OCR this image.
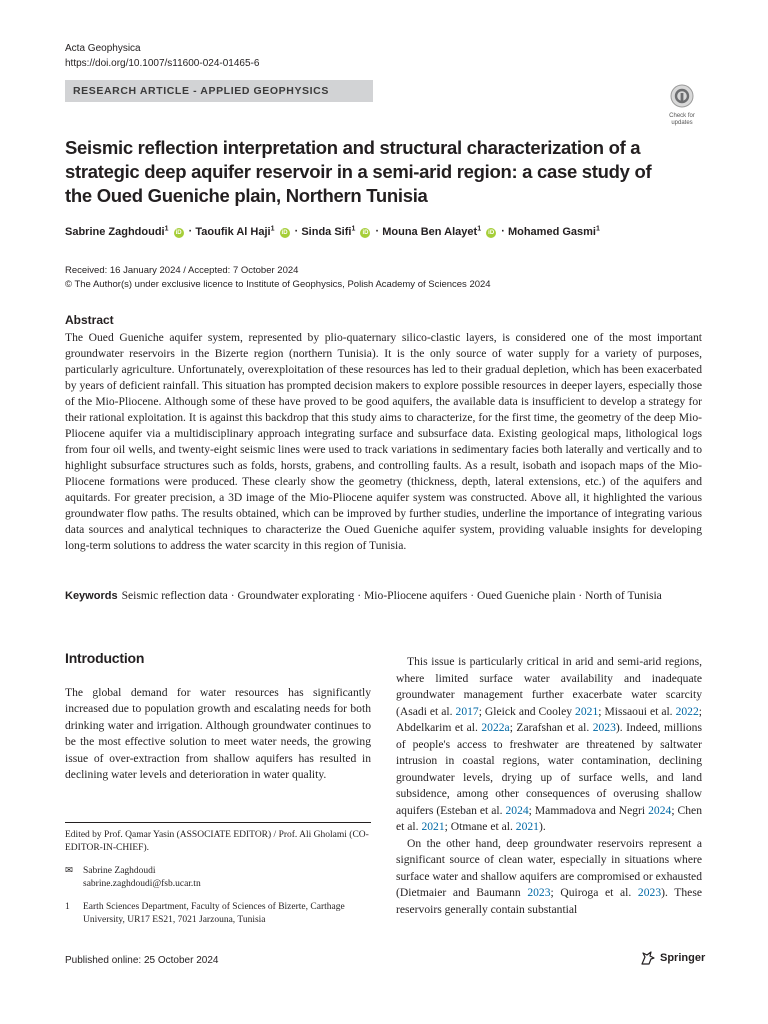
Acta Geophysica
https://doi.org/10.1007/s11600-024-01465-6
RESEARCH ARTICLE - APPLIED GEOPHYSICS
Check for
updates
Seismic reflection interpretation and structural characterization of a strategic deep aquifer reservoir in a semi-arid region: a case study of the Oued Gueniche plain, Northern Tunisia
Sabrine Zaghdoudi$^1$ iD · Taoufik Al Haji$^1$ iD · Sinda Sifi$^1$ iD · Mouna Ben Alayet$^1$ iD · Mohamed Gasmi$^1$
Received: 16 January 2024 / Accepted: 7 October 2024
© The Author(s) under exclusive licence to Institute of Geophysics, Polish Academy of Sciences 2024
Abstract

The Oued Gueniche aquifer system, represented by plio-quaternary silico-clastic layers, is considered one of the most important groundwater reservoirs in the Bizerte region (northern Tunisia). It is the only source of water supply for a variety of purposes, particularly agriculture. Unfortunately, overexploitation of these resources has led to their gradual depletion, which has been exacerbated by years of deficient rainfall. This situation has prompted decision makers to explore possible resources in deeper layers, especially those of the Mio-Pliocene. Although some of these have proved to be good aquifers, the available data is insufficient to develop a strategy for their rational exploitation. It is against this backdrop that this study aims to characterize, for the first time, the geometry of the deep Mio-Pliocene aquifer via a multidisciplinary approach integrating surface and subsurface data. Existing geological maps, lithological logs from four oil wells, and twenty-eight seismic lines were used to track variations in sedimentary facies both laterally and vertically and to highlight subsurface structures such as folds, horsts, grabens, and controlling faults. As a result, isobath and isopach maps of the Mio-Pliocene formations were produced. These clearly show the geometry (thickness, depth, lateral extensions, etc.) of the aquifers and aquitards. For greater precision, a 3D image of the Mio-Pliocene aquifer system was constructed. Above all, it highlighted the various groundwater flow paths. The results obtained, which can be improved by further studies, underline the importance of integrating various data sources and analytical techniques to characterize the Oued Gueniche aquifer system, providing valuable insights for developing long-term solutions to address the water scarcity in this region of Tunisia.

Keywords Seismic reflection data · Groundwater explorating · Mio-Pliocene aquifers · Oued Gueniche plain · North of Tunisia
Introduction

The global demand for water resources has significantly increased due to population growth and escalating needs for both drinking water and irrigation. Although groundwater continues to be the most effective solution to meet water needs, the growing issue of over-extraction from shallow aquifers has resulted in declining water levels and deterioration in water quality.

Edited by Prof. Qamar Yasin (ASSOCIATE EDITOR) / Prof. Ali Gholami (CO-EDITOR-IN-CHIEF).
✉	Sabrine Zaghdoudi
sabrine.zaghdoudi@fsb.ucar.tn
1	Earth Sciences Department, Faculty of Sciences of Bizerte, Carthage University, UR17 ES21, 7021 Jarzouna, Tunisia

This issue is particularly critical in arid and semi-arid regions, where limited surface water availability and inadequate groundwater management further exacerbate water scarcity (Asadi et al. 2017; Gleick and Cooley 2021; Missaoui et al. 2022; Abdelkarim et al. 2022a; Zarafshan et al. 2023). Indeed, millions of people's access to freshwater are threatened by saltwater intrusion in coastal regions, water contamination, declining groundwater levels, drying up of surface wells, and land subsidence, among other consequences of overusing shallow aquifers (Esteban et al. 2024; Mammadova and Negri 2024; Chen et al. 2021; Otmane et al. 2021).

On the other hand, deep groundwater reservoirs represent a significant source of clean water, especially in situations where surface water and shallow aquifers are compromised or exhausted (Dietmaier and Baumann 2023; Quiroga et al. 2023). These reservoirs generally contain substantial

Published online: 25 October 2024	Springer
